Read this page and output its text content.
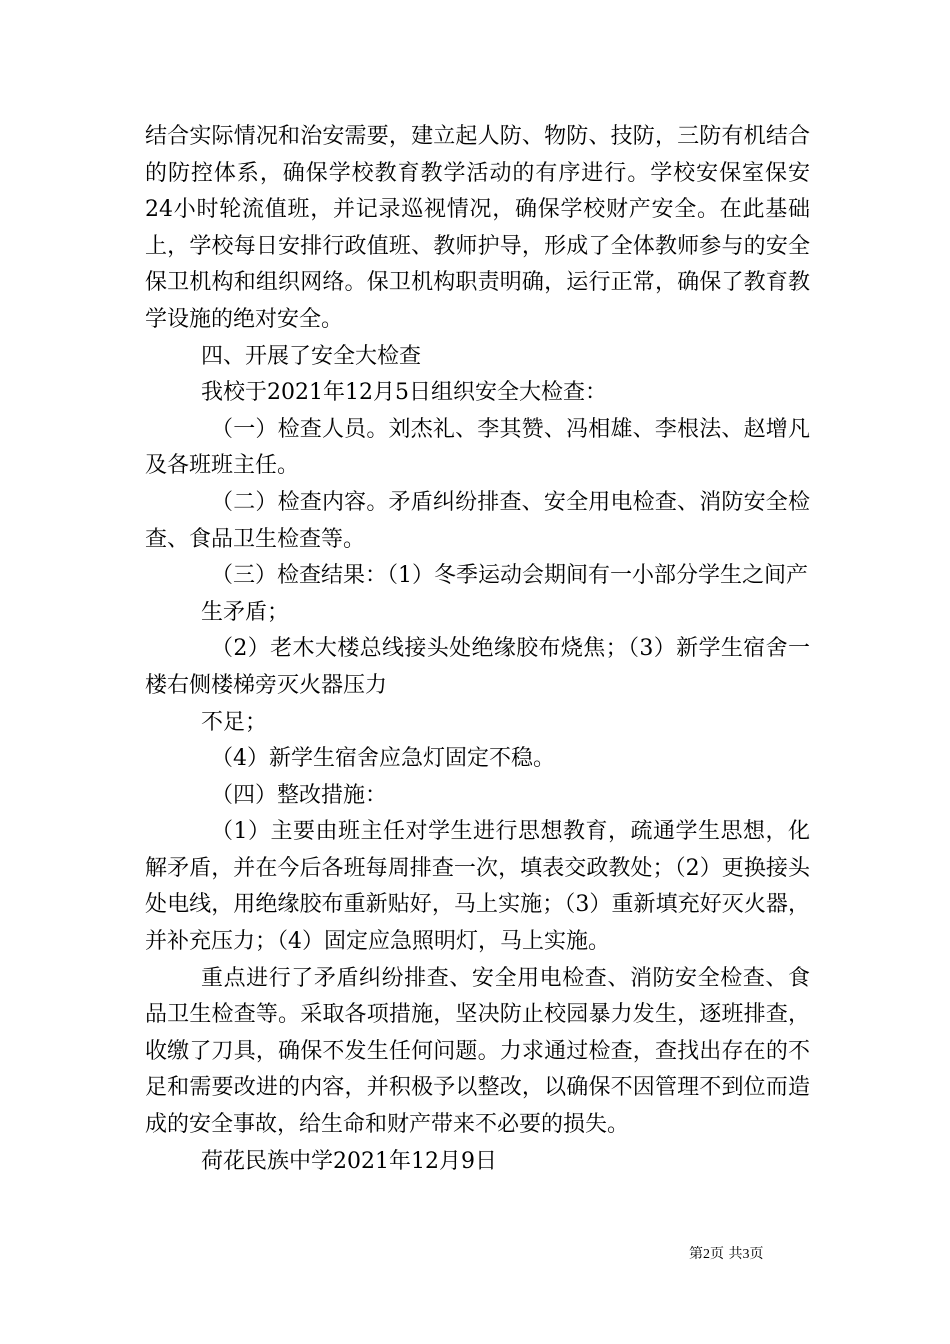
结合实际情况和治安需要，建立起人防、物防、技防，三防有机结合的防控体系，确保学校教育教学活动的有序进行。学校安保室保安24小时轮流值班，并记录巡视情况，确保学校财产安全。在此基础上，学校每日安排行政值班、教师护导，形成了全体教师参与的安全保卫机构和组织网络。保卫机构职责明确，运行正常，确保了教育教学设施的绝对安全。

四、开展了安全大检查

我校于2021年12月5日组织安全大检查：

（一）检查人员。刘杰礼、李其赞、冯相雄、李根法、赵增凡及各班班主任。

（二）检查内容。矛盾纠纷排查、安全用电检查、消防安全检查、食品卫生检查等。

（三）检查结果：（1）冬季运动会期间有一小部分学生之间产

生矛盾；

（2）老木大楼总线接头处绝缘胶布烧焦；（3）新学生宿舍一楼右侧楼梯旁灭火器压力

不足；

（4）新学生宿舍应急灯固定不稳。

（四）整改措施：

（1）主要由班主任对学生进行思想教育，疏通学生思想，化解矛盾，并在今后各班每周排查一次，填表交政教处；（2）更换接头处电线，用绝缘胶布重新贴好，马上实施；（3）重新填充好灭火器，并补充压力；（4）固定应急照明灯，马上实施。

重点进行了矛盾纠纷排查、安全用电检查、消防安全检查、食品卫生检查等。采取各项措施，坚决防止校园暴力发生，逐班排查，收缴了刀具，确保不发生任何问题。力求通过检查，查找出存在的不足和需要改进的内容，并积极予以整改，以确保不因管理不到位而造成的安全事故，给生命和财产带来不必要的损失。

荷花民族中学2021年12月9日

第2页 共3页
